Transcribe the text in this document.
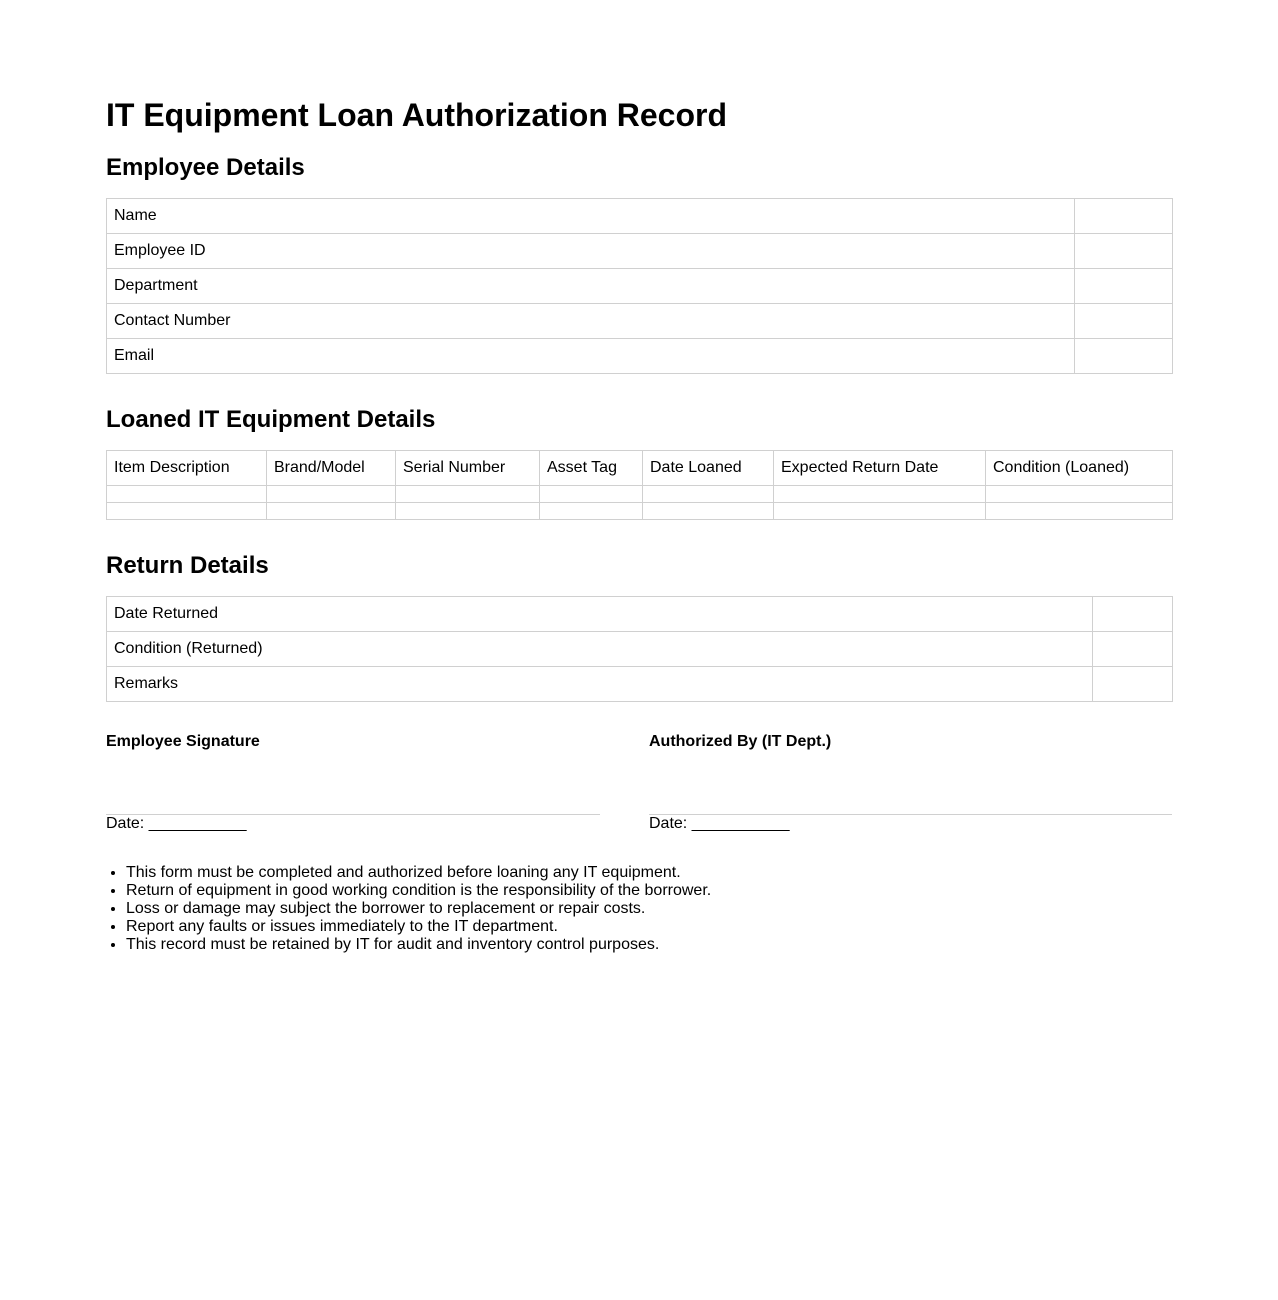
IT Equipment Loan Authorization Record
Employee Details
Name	
Employee ID	
Department	
Contact Number	
Email	
Loaned IT Equipment Details
Item Description	Brand/Model	Serial Number	Asset Tag	Date Loaned	Expected Return Date	Condition (Loaned)

Return Details
Date Returned	
Condition (Returned)	
Remarks	
Employee Signature
Date: ___________
Authorized By (IT Dept.)
Date: ___________
• This form must be completed and authorized before loaning any IT equipment.
• Return of equipment in good working condition is the responsibility of the borrower.
• Loss or damage may subject the borrower to replacement or repair costs.
• Report any faults or issues immediately to the IT department.
• This record must be retained by IT for audit and inventory control purposes.
